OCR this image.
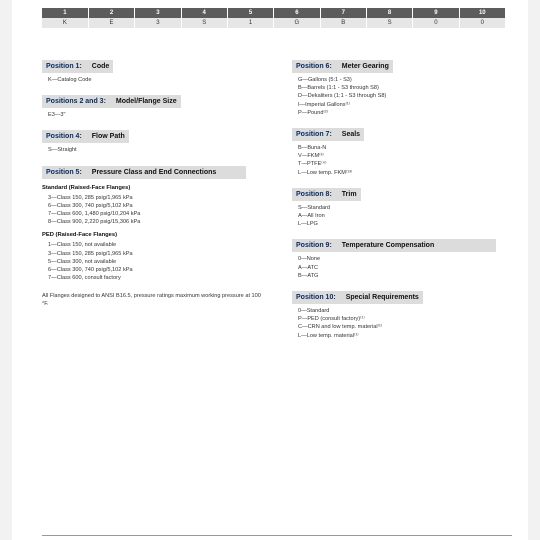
1	2	3	4	5	6	7	8	9	10
K	E	3	S	1	G	B	S	0	0
Position 1: Code
K—Catalog Code
Positions 2 and 3: Model/Flange Size
E3—3"
Position 4: Flow Path
S—Straight
Position 5: Pressure Class and End Connections
Standard (Raised-Face Flanges)
3—Class 150, 285 psig/1,965 kPa
6—Class 300, 740 psig/5,102 kPa
7—Class 600, 1,480 psig/10,204 kPa
8—Class 900, 2,220 psig/15,306 kPa
PED (Raised-Face Flanges)
1—Class 150, not available
3—Class 150, 285 psig/1,965 kPa
5—Class 300, not available
6—Class 300, 740 psig/5,102 kPa
7—Class 600, consult factory
All Flanges designed to ANSI B16.5, pressure ratings maximum working pressure at 100 °F.
Position 6: Meter Gearing
G—Gallons (5:1 - S3)
B—Barrels (1:1 - S3 through S8)
D—Dekaliters (1:1 - S3 through S8)
I—Imperial Gallons⁽¹⁾
P—Pound⁽²⁾
Position 7: Seals
B—Buna-N
V—FKM⁽³⁾
T—PTFE⁽⁴⁾
L—Low temp. FKM⁽¹³⁾
Position 8: Trim
S—Standard
A—All Iron
L—LPG
Position 9: Temperature Compensation
0—None
A—ATC
B—ATG
Position 10: Special Requirements
0—Standard
P—PED (consult factory)⁽¹⁾
C—CRN and low temp. material⁽¹⁾
L—Low temp. material⁽¹⁾
